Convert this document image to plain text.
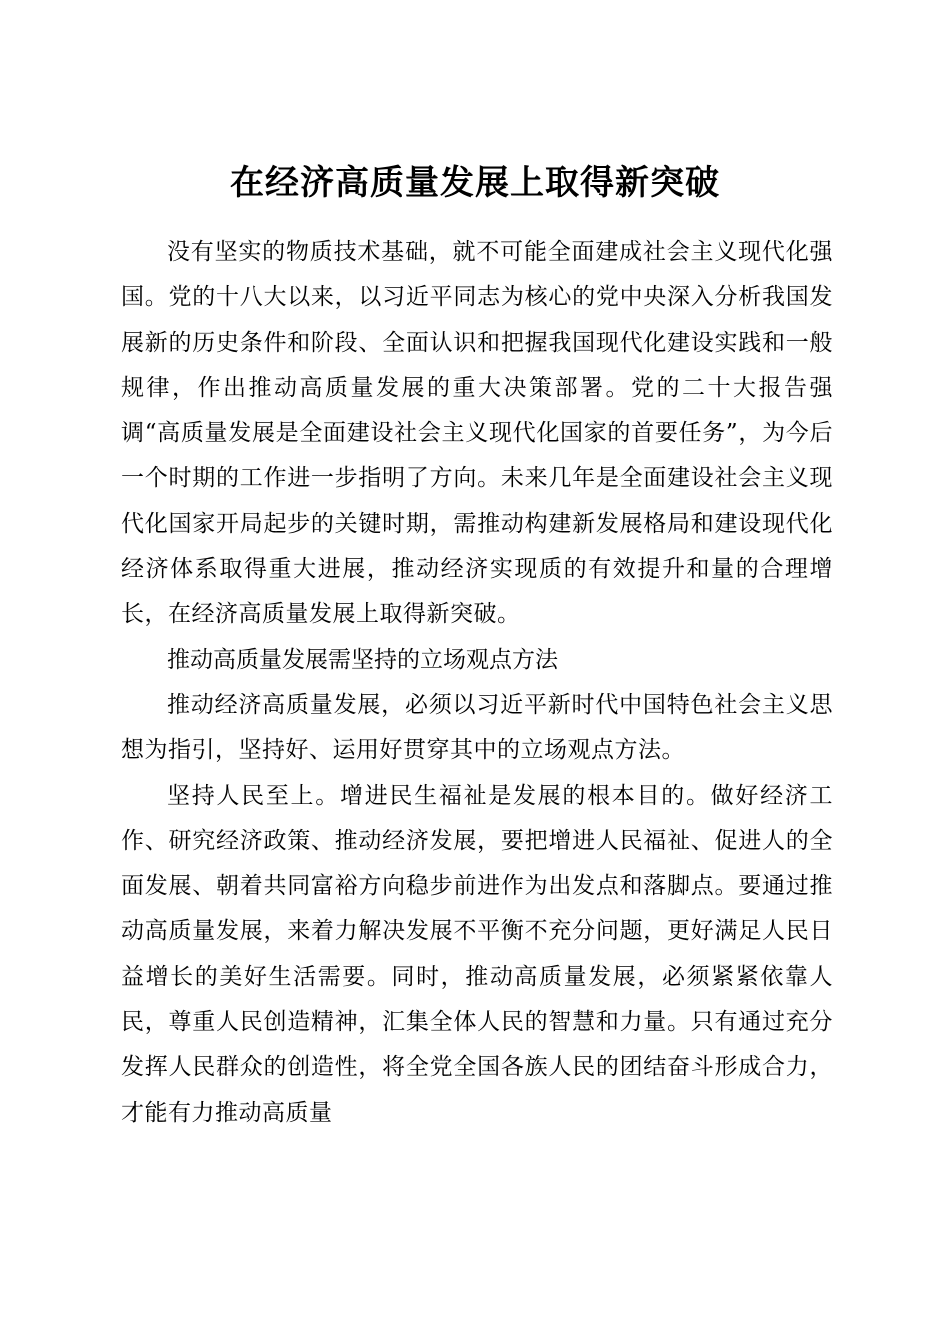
在经济高质量发展上取得新突破

没有坚实的物质技术基础，就不可能全面建成社会主义现代化强国。党的十八大以来，以习近平同志为核心的党中央深入分析我国发展新的历史条件和阶段、全面认识和把握我国现代化建设实践和一般规律，作出推动高质量发展的重大决策部署。党的二十大报告强调“高质量发展是全面建设社会主义现代化国家的首要任务”，为今后一个时期的工作进一步指明了方向。未来几年是全面建设社会主义现代化国家开局起步的关键时期，需推动构建新发展格局和建设现代化经济体系取得重大进展，推动经济实现质的有效提升和量的合理增长，在经济高质量发展上取得新突破。

推动高质量发展需坚持的立场观点方法

推动经济高质量发展，必须以习近平新时代中国特色社会主义思想为指引，坚持好、运用好贯穿其中的立场观点方法。

坚持人民至上。增进民生福祉是发展的根本目的。做好经济工作、研究经济政策、推动经济发展，要把增进人民福祉、促进人的全面发展、朝着共同富裕方向稳步前进作为出发点和落脚点。要通过推动高质量发展，来着力解决发展不平衡不充分问题，更好满足人民日益增长的美好生活需要。同时，推动高质量发展，必须紧紧依靠人民，尊重人民创造精神，汇集全体人民的智慧和力量。只有通过充分发挥人民群众的创造性，将全党全国各族人民的团结奋斗形成合力，才能有力推动高质量
